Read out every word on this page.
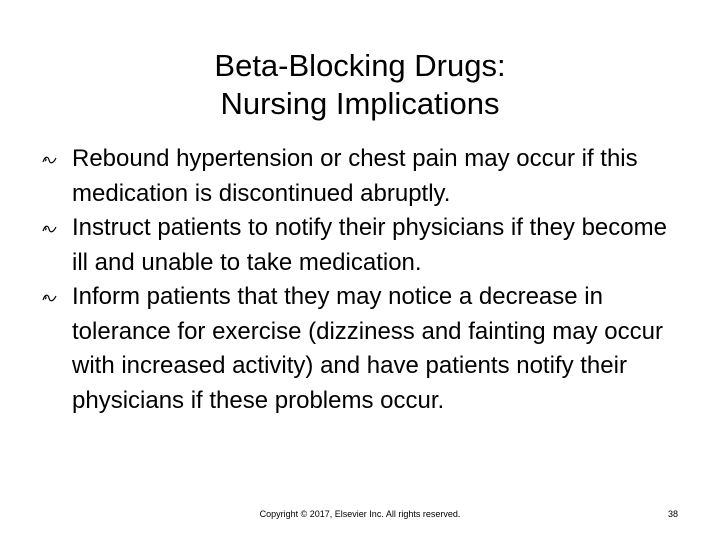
Beta-Blocking Drugs:
Nursing Implications
Rebound hypertension or chest pain may occur if this medication is discontinued abruptly.
Instruct patients to notify their physicians if they become ill and unable to take medication.
Inform patients that they may notice a decrease in tolerance for exercise (dizziness and fainting may occur with increased activity) and have patients notify their physicians if these problems occur.
Copyright © 2017, Elsevier Inc. All rights reserved.	38
